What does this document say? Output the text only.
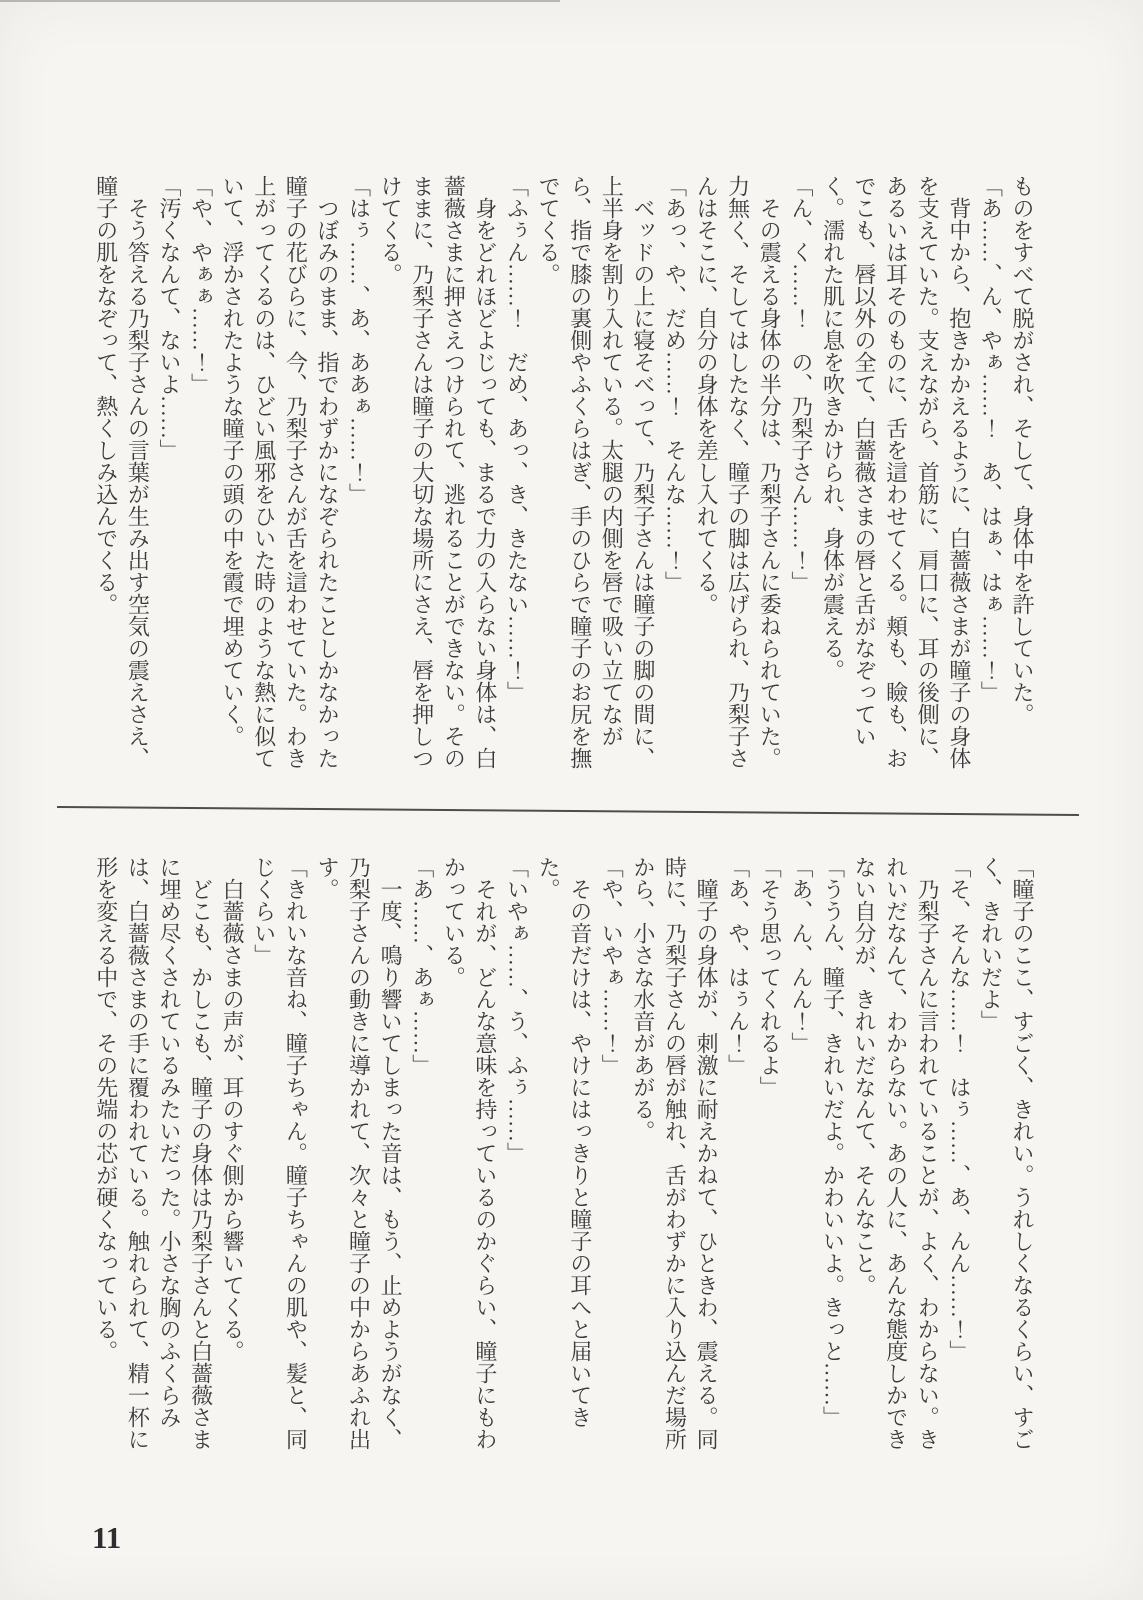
ものをすべて脱がされ、そして、身体中を許していた。

「あ……、ん、やぁ……！　あ、はぁ、はぁ……！」

背中から、抱きかかえるように、白薔薇さまが瞳子の身体を支えていた。支えながら、首筋に、肩口に、耳の後側に、あるいは耳そのものに、舌を這わせてくる。頬も、瞼も、おでこも、唇以外の全て、白薔薇さまの唇と舌がなぞっていく。濡れた肌に息を吹きかけられ、身体が震える。

「ん、く……！　の、乃梨子さん……！」

その震える身体の半分は、乃梨子さんに委ねられていた。力無く、そしてはしたなく、瞳子の脚は広げられ、乃梨子さんはそこに、自分の身体を差し入れてくる。

「あっ、や、だめ……！　そんな……！」

ベッドの上に寝そべって、乃梨子さんは瞳子の脚の間に、上半身を割り入れている。太腿の内側を唇で吸い立てながら、指で膝の裏側やふくらはぎ、手のひらで瞳子のお尻を撫でてくる。

「ふぅん……！　だめ、あっ、き、きたない……！」

身をどれほどよじっても、まるで力の入らない身体は、白薔薇さまに押さえつけられて、逃れることができない。そのままに、乃梨子さんは瞳子の大切な場所にさえ、唇を押しつけてくる。

「はぅ……、あ、ああぁ……！」

つぼみのまま、指でわずかになぞられたことしかなかった瞳子の花びらに、今、乃梨子さんが舌を這わせていた。わき上がってくるのは、ひどい風邪をひいた時のような熱に似ていて、浮かされたような瞳子の頭の中を霞で埋めていく。

「や、やぁぁ……！」

「汚くなんて、ないよ……」

そう答える乃梨子さんの言葉が生み出す空気の震えさえ、瞳子の肌をなぞって、熱くしみ込んでくる。

「瞳子のここ、すごく、きれい。うれしくなるくらい、すごく、きれいだよ」

「そ、そんな……！　はぅ……、あ、んん……！」

乃梨子さんに言われていることが、よく、わからない。きれいだなんて、わからない。あの人に、あんな態度しかできない自分が、きれいだなんて、そんなこと。

「ううん、瞳子、きれいだよ。かわいいよ。きっと……」

「あ、ん、んん！」

「そう思ってくれるよ」

「あ、や、はぅん！」

瞳子の身体が、刺激に耐えかねて、ひときわ、震える。同時に、乃梨子さんの唇が触れ、舌がわずかに入り込んだ場所から、小さな水音があがる。

「や、いやぁ……！」

その音だけは、やけにはっきりと瞳子の耳へと届いてきた。

「いやぁ……、う、ふぅ……」

それが、どんな意味を持っているのかぐらい、瞳子にもわかっている。

「あ……、あぁ……」

一度、鳴り響いてしまった音は、もう、止めようがなく、乃梨子さんの動きに導かれて、次々と瞳子の中からあふれ出す。

「きれいな音ね、瞳子ちゃん。瞳子ちゃんの肌や、髪と、同じくらい」

白薔薇さまの声が、耳のすぐ側から響いてくる。

どこも、かしこも、瞳子の身体は乃梨子さんと白薔薇さまに埋め尽くされているみたいだった。小さな胸のふくらみは、白薔薇さまの手に覆われている。触れられて、精一杯に形を変える中で、その先端の芯が硬くなっている。

11
